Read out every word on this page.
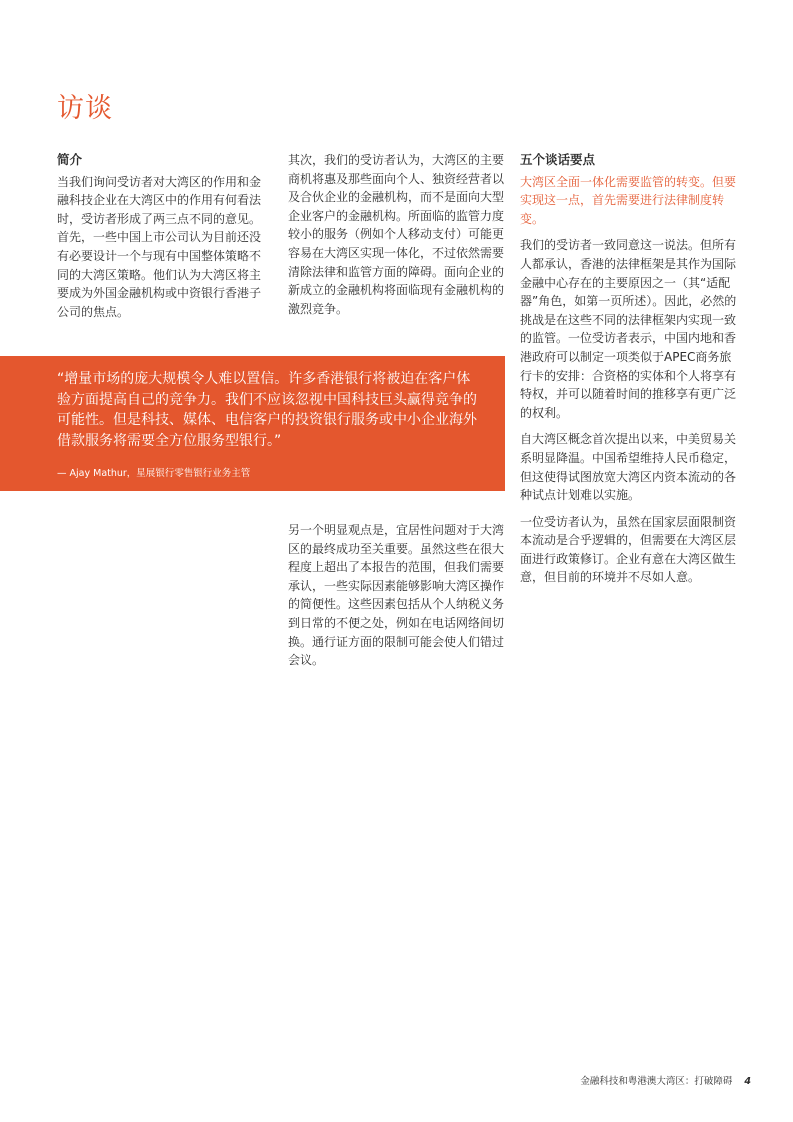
访谈
简介

当我们询问受访者对大湾区的作用和金融科技企业在大湾区中的作用有何看法时，受访者形成了两三点不同的意见。首先，一些中国上市公司认为目前还没有必要设计一个与现有中国整体策略不同的大湾区策略。他们认为大湾区将主要成为外国金融机构或中资银行香港子公司的焦点。

其次，我们的受访者认为，大湾区的主要商机将惠及那些面向个人、独资经营者以及合伙企业的金融机构，而不是面向大型企业客户的金融机构。所面临的监管力度较小的服务（例如个人移动支付）可能更容易在大湾区实现一体化，不过依然需要清除法律和监管方面的障碍。面向企业的新成立的金融机构将面临现有金融机构的激烈竞争。

“增量市场的庞大规模令人难以置信。许多香港银行将被迫在客户体验方面提高自己的竞争力。我们不应该忽视中国科技巨头赢得竞争的可能性。但是科技、媒体、电信客户的投资银行服务或中小企业海外借款服务将需要全方位服务型银行。”

— Ajay Mathur，星展银行零售银行业务主管

另一个明显观点是，宜居性问题对于大湾区的最终成功至关重要。虽然这些在很大程度上超出了本报告的范围，但我们需要承认，一些实际因素能够影响大湾区操作的简便性。这些因素包括从个人纳税义务到日常的不便之处，例如在电话网络间切换。通行证方面的限制可能会使人们错过会议。

五个谈话要点

大湾区全面一体化需要监管的转变。但要实现这一点，首先需要进行法律制度转变。

我们的受访者一致同意这一说法。但所有人都承认，香港的法律框架是其作为国际金融中心存在的主要原因之一（其“适配器”角色，如第一页所述）。因此，必然的挑战是在这些不同的法律框架内实现一致的监管。一位受访者表示，中国内地和香港政府可以制定一项类似于APEC商务旅行卡的安排：合资格的实体和个人将享有特权，并可以随着时间的推移享有更广泛的权利。

自大湾区概念首次提出以来，中美贸易关系明显降温。中国希望维持人民币稳定，但这使得试图放宽大湾区内资本流动的各种试点计划难以实施。

一位受访者认为，虽然在国家层面限制资本流动是合乎逻辑的，但需要在大湾区层面进行政策修订。企业有意在大湾区做生意，但目前的环境并不尽如人意。

金融科技和粤港澳大湾区：打破障碍 4
